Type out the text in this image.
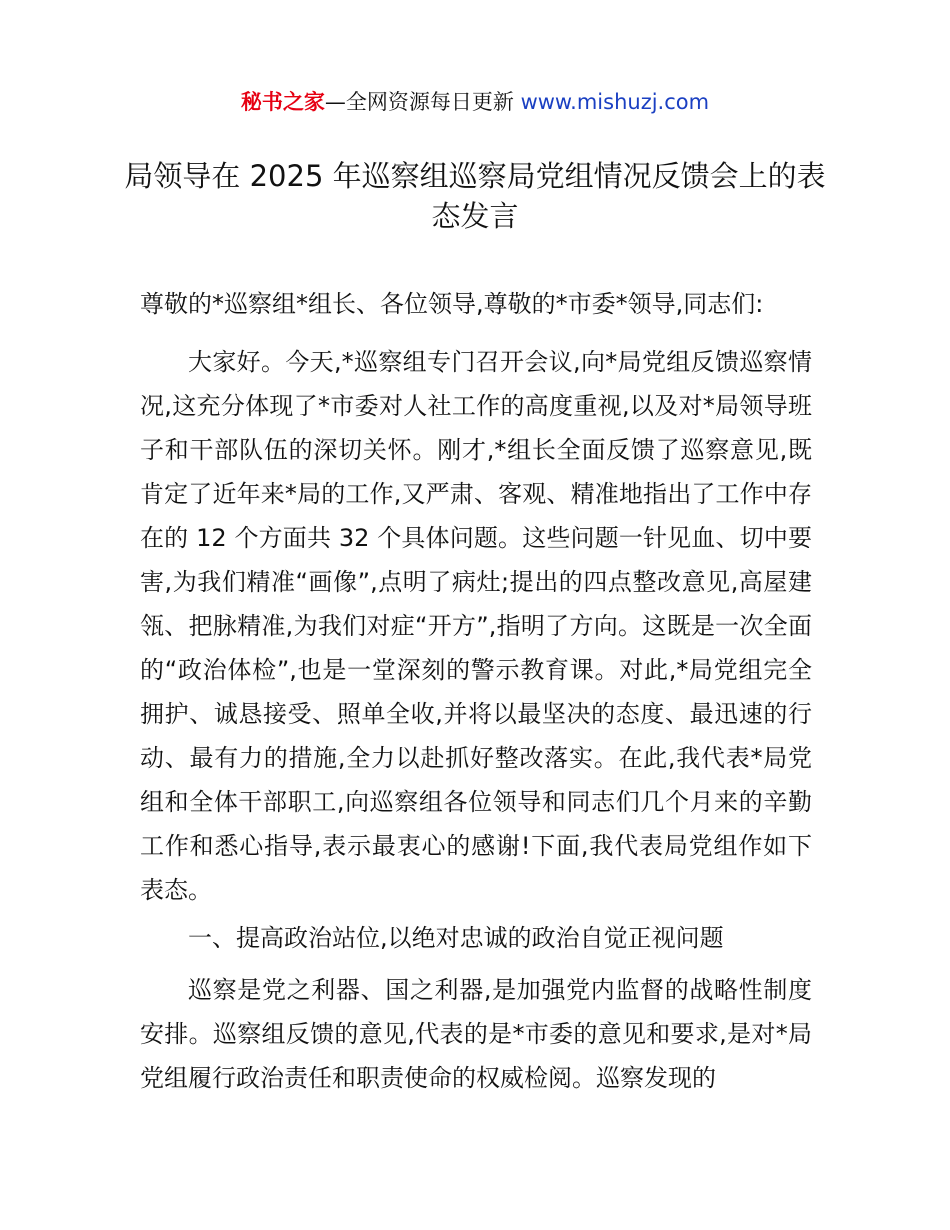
秘书之家—全网资源每日更新 www.mishuzj.com
局领导在 2025 年巡察组巡察局党组情况反馈会上的表态发言

尊敬的*巡察组*组长、各位领导,尊敬的*市委*领导,同志们:

大家好。今天,*巡察组专门召开会议,向*局党组反馈巡察情况,这充分体现了*市委对人社工作的高度重视,以及对*局领导班子和干部队伍的深切关怀。刚才,*组长全面反馈了巡察意见,既肯定了近年来*局的工作,又严肃、客观、精准地指出了工作中存在的 12 个方面共 32 个具体问题。这些问题一针见血、切中要害,为我们精准“画像”,点明了病灶;提出的四点整改意见,高屋建瓴、把脉精准,为我们对症“开方”,指明了方向。这既是一次全面的“政治体检”,也是一堂深刻的警示教育课。对此,*局党组完全拥护、诚恳接受、照单全收,并将以最坚决的态度、最迅速的行动、最有力的措施,全力以赴抓好整改落实。在此,我代表*局党组和全体干部职工,向巡察组各位领导和同志们几个月来的辛勤工作和悉心指导,表示最衷心的感谢!下面,我代表局党组作如下表态。

一、提高政治站位,以绝对忠诚的政治自觉正视问题

巡察是党之利器、国之利器,是加强党内监督的战略性制度安排。巡察组反馈的意见,代表的是*市委的意见和要求,是对*局党组履行政治责任和职责使命的权威检阅。巡察发现的
